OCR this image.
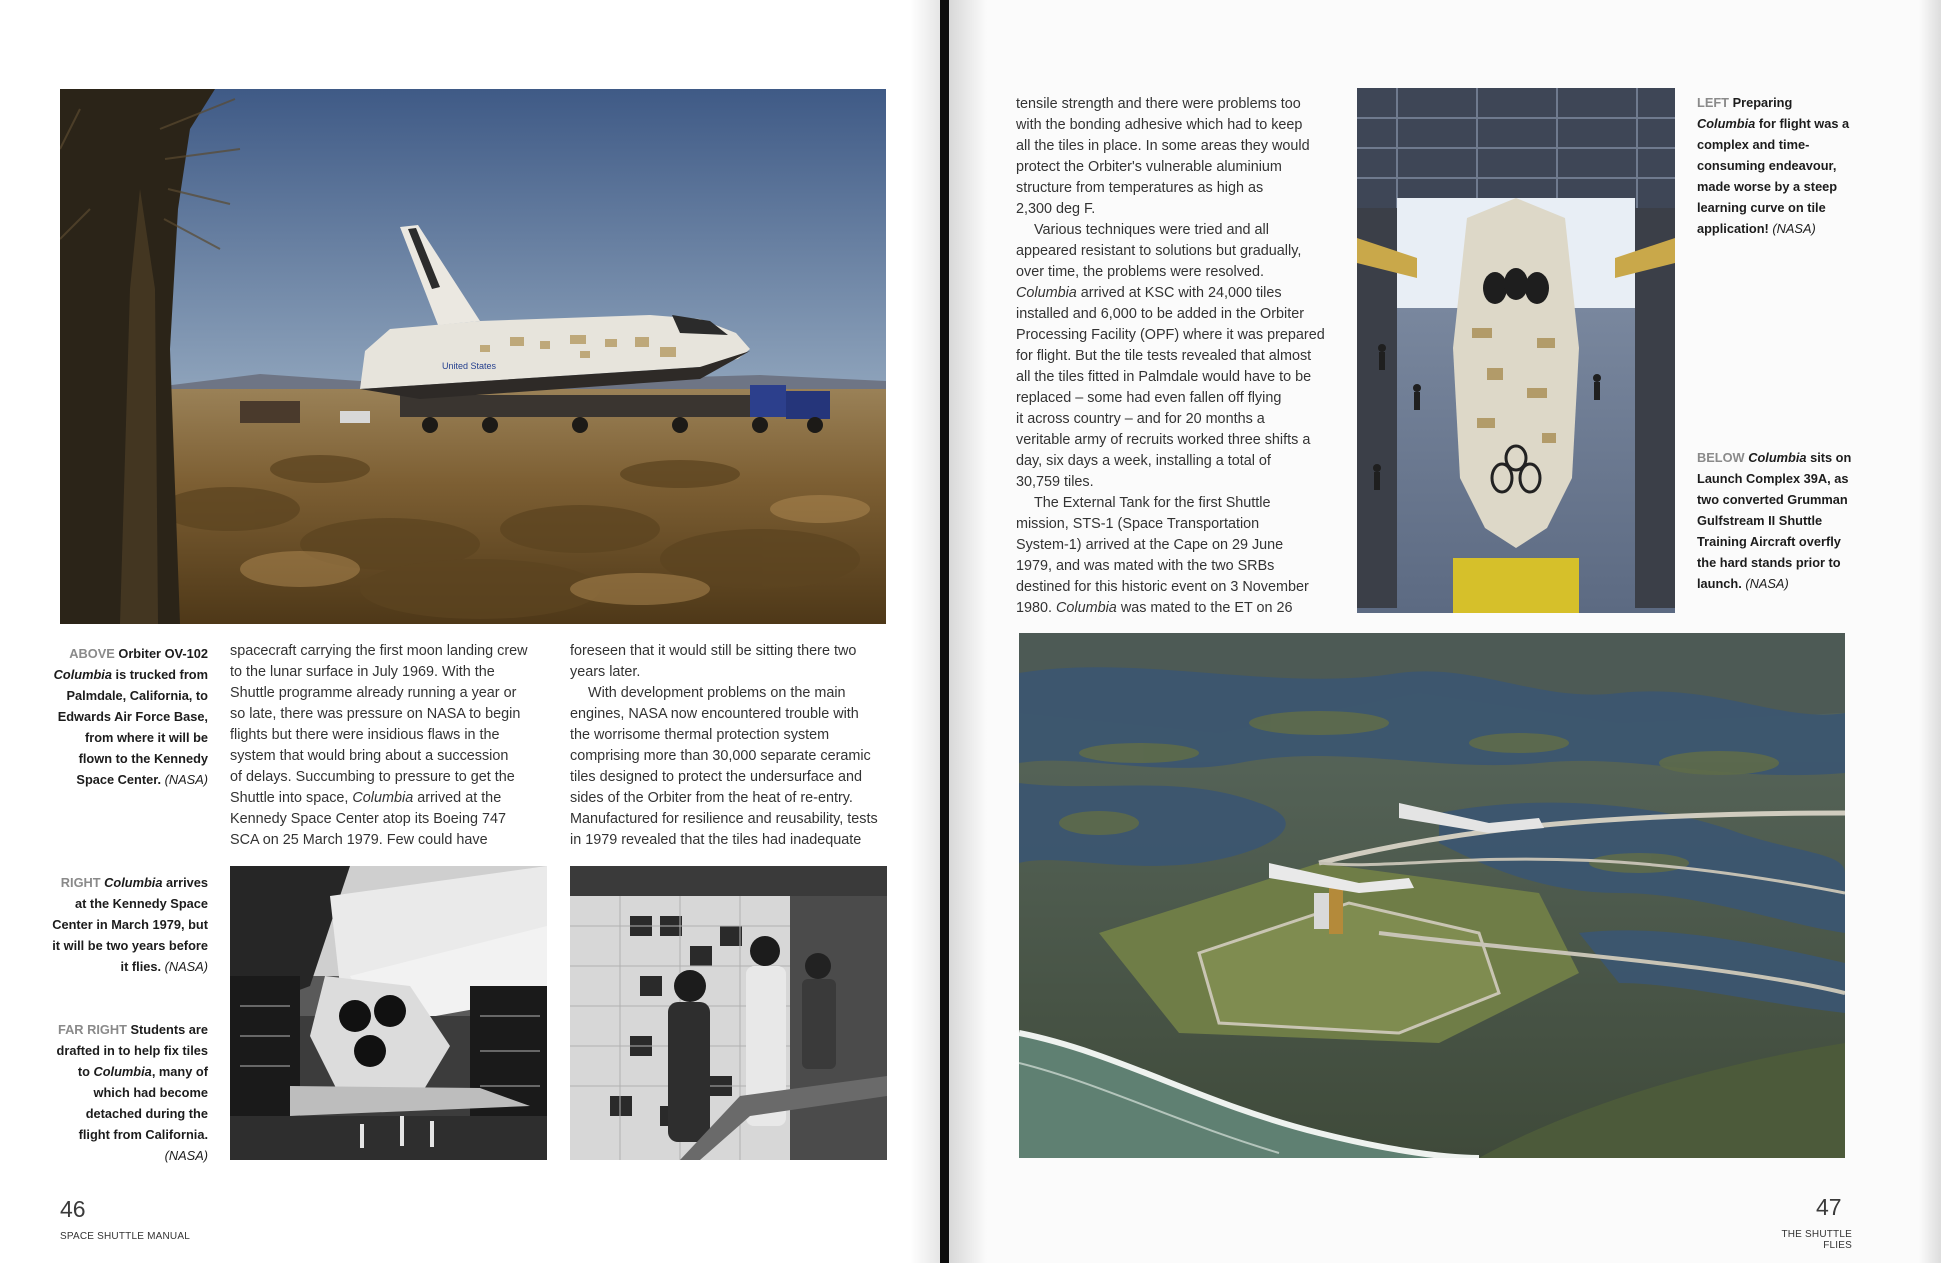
United States
ABOVE Orbiter OV-102 Columbia is trucked from Palmdale, California, to Edwards Air Force Base, from where it will be flown to the Kennedy Space Center. (NASA)

spacecraft carrying the first moon landing crew

to the lunar surface in July 1969. With the

Shuttle programme already running a year or

so late, there was pressure on NASA to begin

flights but there were insidious flaws in the

system that would bring about a succession

of delays. Succumbing to pressure to get the

Shuttle into space, Columbia arrived at the

Kennedy Space Center atop its Boeing 747

SCA on 25 March 1979. Few could have

foreseen that it would still be sitting there two

years later.

With development problems on the main

engines, NASA now encountered trouble with

the worrisome thermal protection system

comprising more than 30,000 separate ceramic

tiles designed to protect the undersurface and

sides of the Orbiter from the heat of re-entry.

Manufactured for resilience and reusability, tests

in 1979 revealed that the tiles had inadequate

RIGHT Columbia arrives at the Kennedy Space Center in March 1979, but it will be two years before it flies. (NASA)
FAR RIGHT Students are drafted in to help fix tiles to Columbia, many of which had become detached during the flight from California. (NASA)
46
SPACE SHUTTLE MANUAL

tensile strength and there were problems too

with the bonding adhesive which had to keep

all the tiles in place. In some areas they would

protect the Orbiter's vulnerable aluminium

structure from temperatures as high as

2,300 deg F.

Various techniques were tried and all

appeared resistant to solutions but gradually,

over time, the problems were resolved.

Columbia arrived at KSC with 24,000 tiles

installed and 6,000 to be added in the Orbiter

Processing Facility (OPF) where it was prepared

for flight. But the tile tests revealed that almost

all the tiles fitted in Palmdale would have to be

replaced – some had even fallen off flying

it across country – and for 20 months a

veritable army of recruits worked three shifts a

day, six days a week, installing a total of

30,759 tiles.

The External Tank for the first Shuttle

mission, STS-1 (Space Transportation

System-1) arrived at the Cape on 29 June

1979, and was mated with the two SRBs

destined for this historic event on 3 November

1980. Columbia was mated to the ET on 26

LEFT Preparing Columbia for flight was a complex and time-consuming endeavour, made worse by a steep learning curve on tile application! (NASA)
BELOW Columbia sits on Launch Complex 39A, as two converted Grumman Gulfstream II Shuttle Training Aircraft overfly the hard stands prior to launch. (NASA)
47
THE SHUTTLE FLIES
